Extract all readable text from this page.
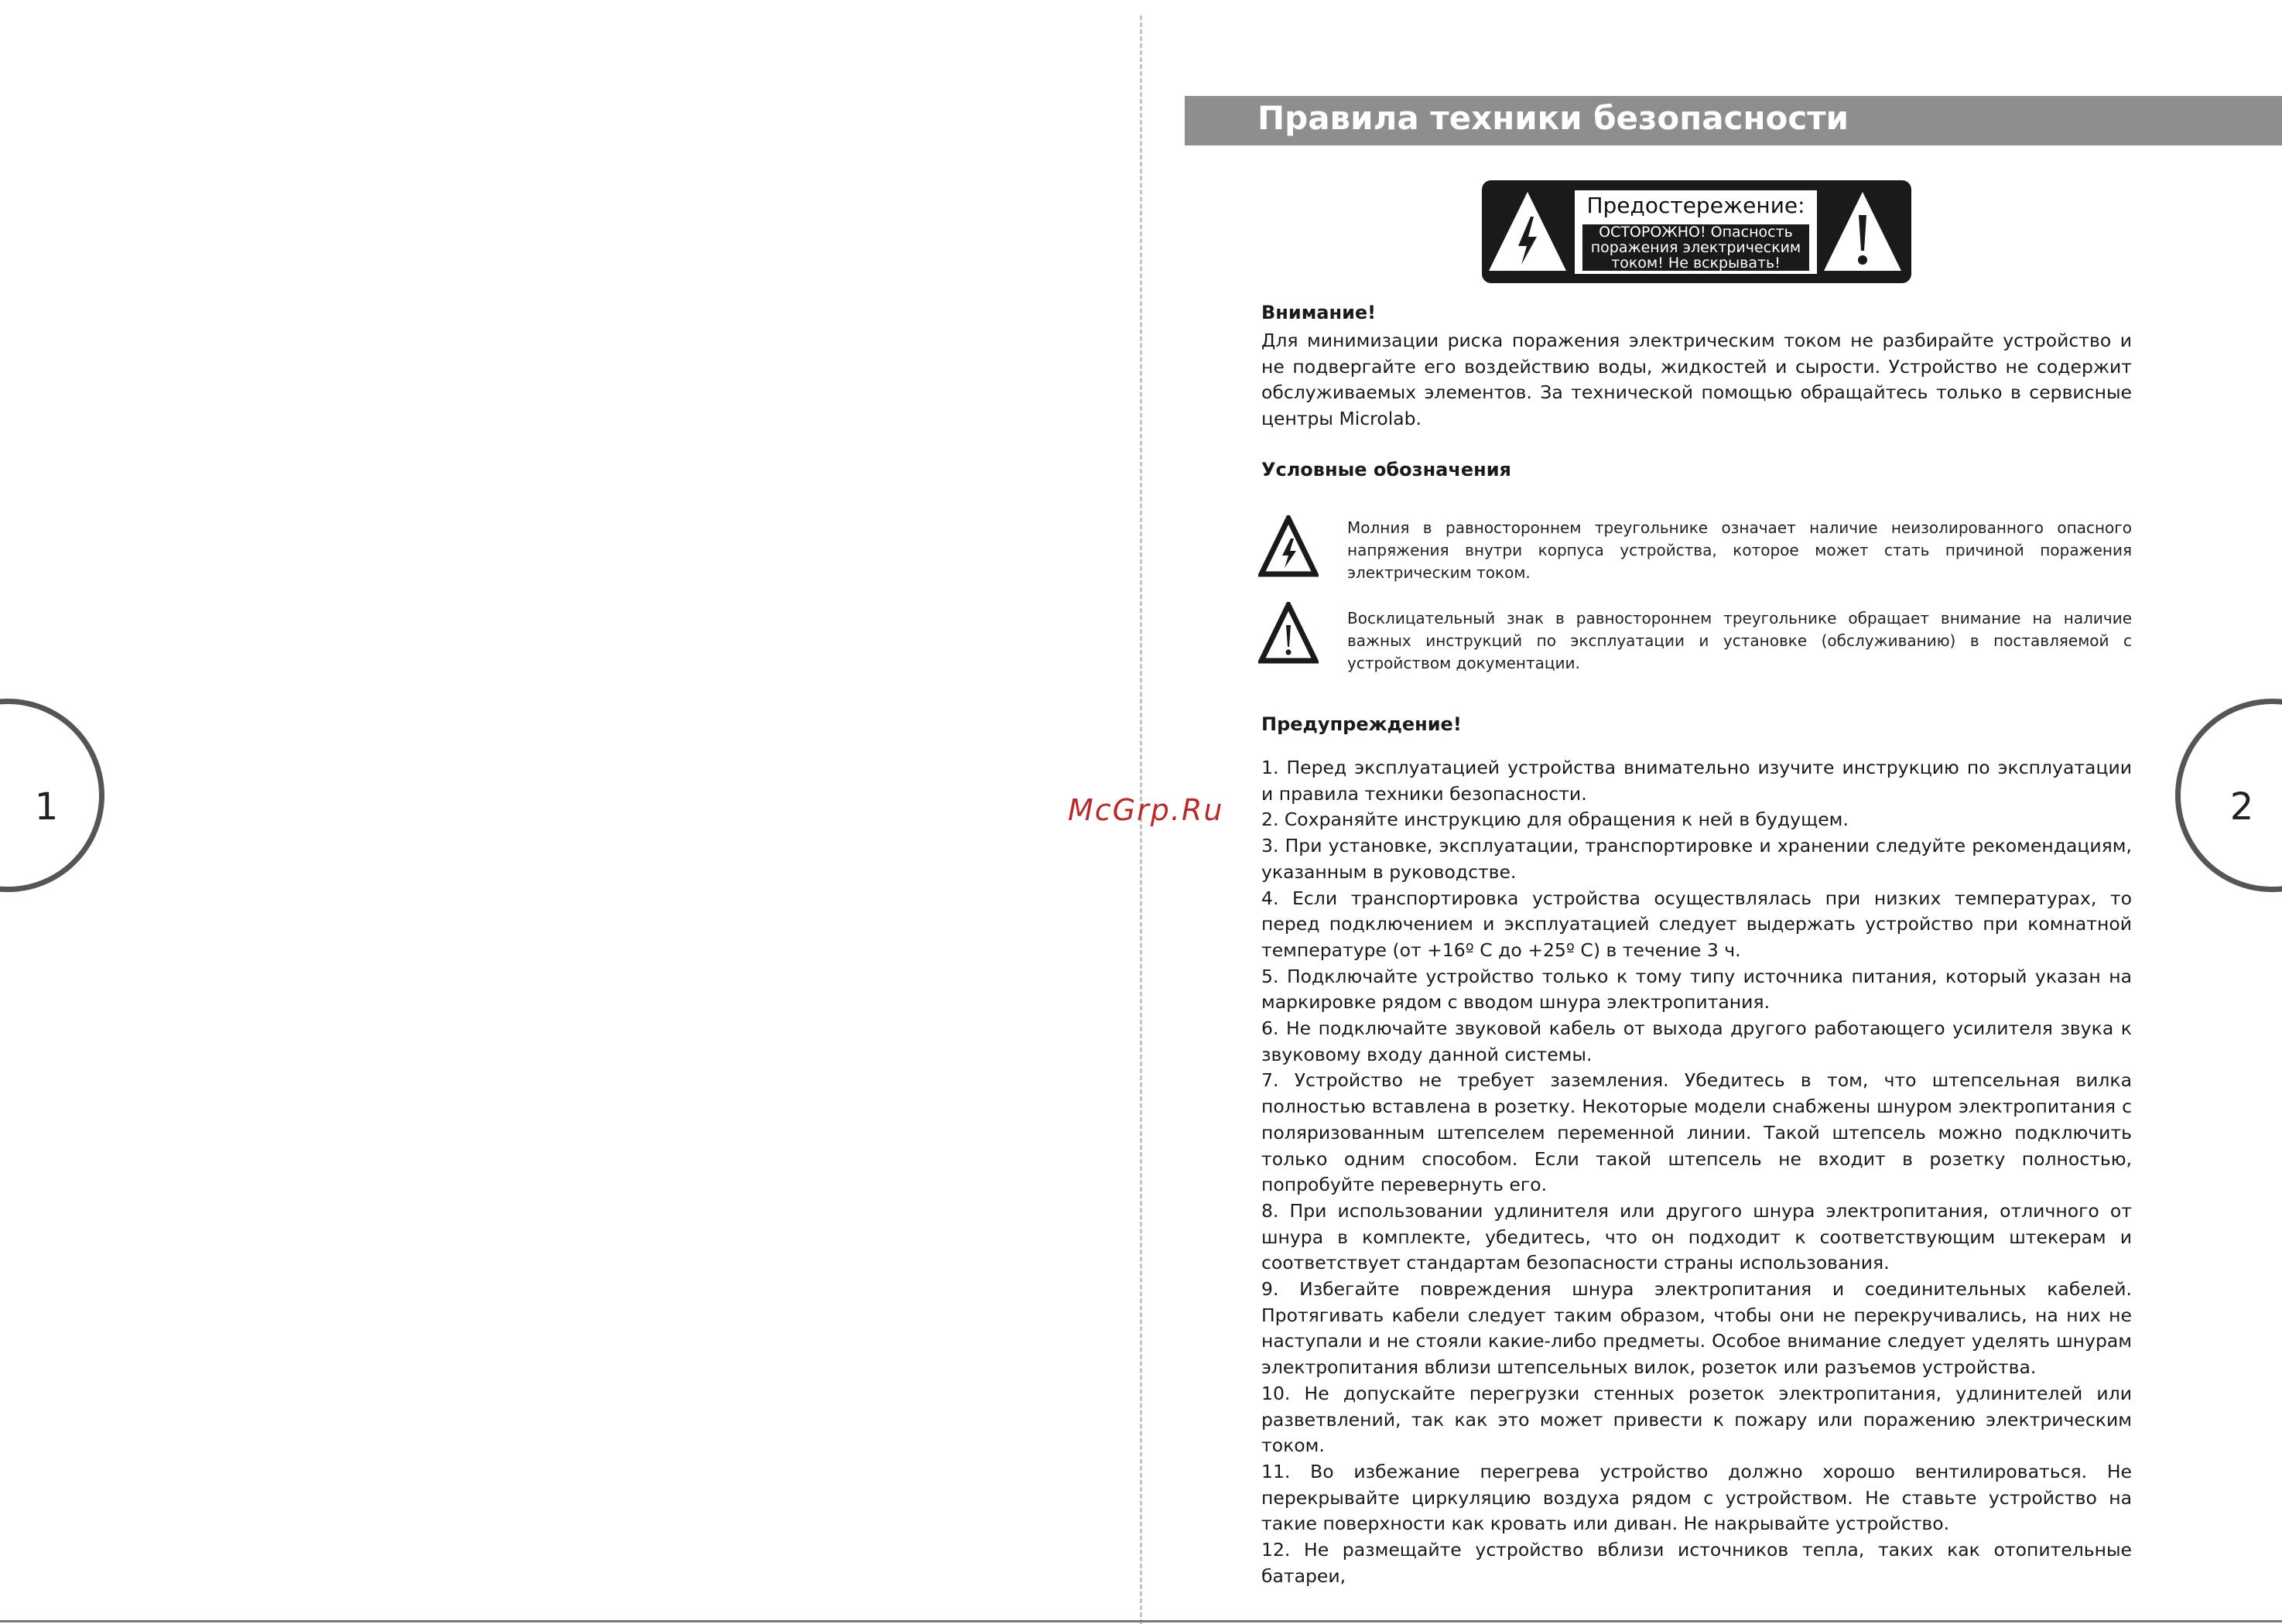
1	McGrp.Ru	2
Правила техники безопасности
Предостережение:
ОСТОРОЖНО! Опасность
поражения электрическим
током! Не вскрывать!
Внимание!

Для минимизации риска поражения электрическим током не разбирайте устройство и не подвергайте его воздействию воды, жидкостей и сырости. Устройство не содержит обслуживаемых элементов. За технической помощью обращайтесь только в сервисные центры Microlab.

Условные обозначения
Молния в равностороннем треугольнике означает наличие неизолированного опасного напряжения внутри корпуса устройства, которое может стать причиной поражения электрическим током.
Восклицательный знак в равностороннем треугольнике обращает внимание на наличие важных инструкций по эксплуатации и установке (обслуживанию) в поставляемой с устройством документации.
Предупреждение!

1. Перед эксплуатацией устройства внимательно изучите инструкцию по эксплуатации и правила техники безопасности.

2. Сохраняйте инструкцию для обращения к ней в будущем.

3. При установке, эксплуатации, транспортировке и хранении следуйте рекомендациям, указанным в руководстве.

4. Если транспортировка устройства осуществлялась при низких температурах, то перед подключением и эксплуатацией следует выдержать устройство при комнатной температуре (от +16º С до +25º С) в течение 3 ч.

5. Подключайте устройство только к тому типу источника питания, который указан на маркировке рядом с вводом шнура электропитания.

6. Не подключайте звуковой кабель от выхода другого работающего усилителя звука к звуковому входу данной системы.

7. Устройство не требует заземления. Убедитесь в том, что штепсельная вилка полностью вставлена в розетку. Некоторые модели снабжены шнуром электропитания с поляризованным штепселем переменной линии. Такой штепсель можно подключить только одним способом. Если такой штепсель не входит в розетку полностью, попробуйте перевернуть его.

8. При использовании удлинителя или другого шнура электропитания, отличного от шнура в комплекте, убедитесь, что он подходит к соответствующим штекерам и соответствует стандартам безопасности страны использования.

9. Избегайте повреждения шнура электропитания и соединительных кабелей. Протягивать кабели следует таким образом, чтобы они не перекручивались, на них не наступали и не стояли какие-либо предметы. Особое внимание следует уделять шнурам электропитания вблизи штепсельных вилок, розеток или разъемов устройства.

10. Не допускайте перегрузки стенных розеток электропитания, удлинителей или разветвлений, так как это может привести к пожару или поражению электрическим током.

11. Во избежание перегрева устройство должно хорошо вентилироваться. Не перекрывайте циркуляцию воздуха рядом с устройством. Не ставьте устройство на такие поверхности как кровать или диван. Не накрывайте устройство.

12. Не размещайте устройство вблизи источников тепла, таких как отопительные батареи,
